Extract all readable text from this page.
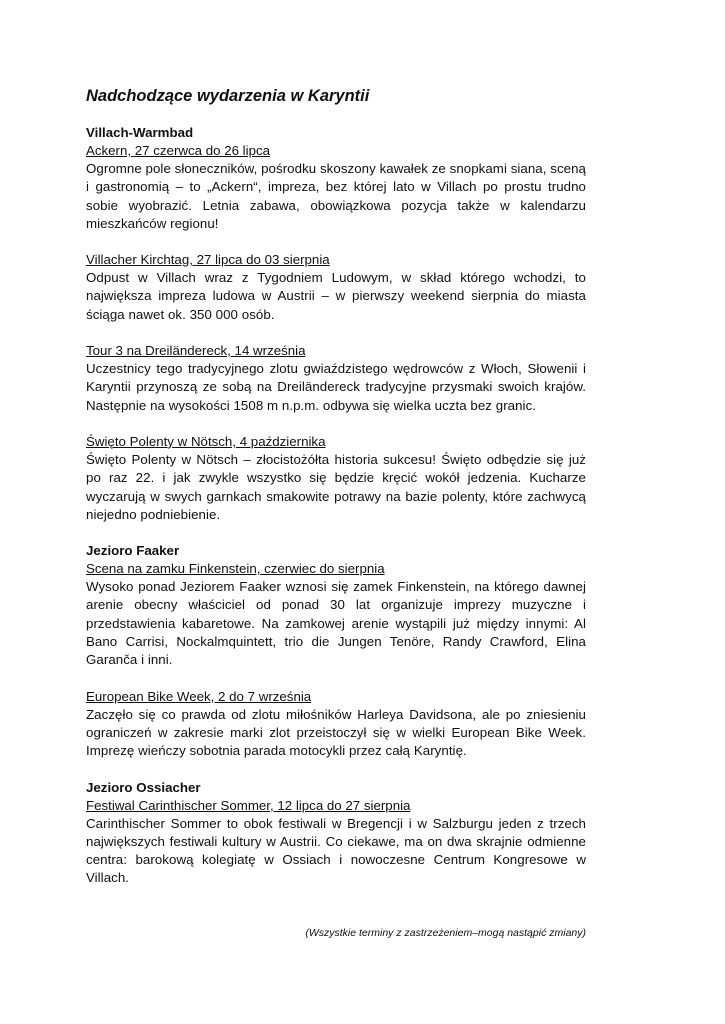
Nadchodzące wydarzenia w Karyntii

Villach-Warmbad

Ackern, 27 czerwca do 26 lipca

Ogromne pole słoneczników, pośrodku skoszony kawałek ze snopkami siana, sceną i gastronomią – to „Ackern“, impreza, bez której lato w Villach po prostu trudno sobie wyobrazić. Letnia zabawa, obowiązkowa pozycja także w kalendarzu mieszkańców regionu!

Villacher Kirchtag, 27 lipca do 03 sierpnia

Odpust w Villach wraz z Tygodniem Ludowym, w skład którego wchodzi, to największa impreza ludowa w Austrii – w pierwszy weekend sierpnia do miasta ściąga nawet ok. 350 000 osób.

Tour 3 na Dreiländereck, 14 września

Uczestnicy tego tradycyjnego zlotu gwiaździstego wędrowców z Włoch, Słowenii i Karyntii przynoszą ze sobą na Dreiländereck tradycyjne przysmaki swoich krajów. Następnie na wysokości 1508 m n.p.m. odbywa się wielka uczta bez granic.

Święto Polenty w Nötsch, 4 października

Święto Polenty w Nötsch – złocistożółta historia sukcesu! Święto odbędzie się już po raz 22. i jak zwykle wszystko się będzie kręcić wokół jedzenia. Kucharze wyczarują w swych garnkach smakowite potrawy na bazie polenty, które zachwycą niejedno podniebienie.

Jezioro Faaker

Scena na zamku Finkenstein, czerwiec do sierpnia

Wysoko ponad Jeziorem Faaker wznosi się zamek Finkenstein, na którego dawnej arenie obecny właściciel od ponad 30 lat organizuje imprezy muzyczne i przedstawienia kabaretowe. Na zamkowej arenie wystąpili już między innymi: Al Bano Carrisi, Nockalmquintett, trio die Jungen Tenöre, Randy Crawford, Elina Garanča i inni.

European Bike Week, 2 do 7 września

Zaczęło się co prawda od zlotu miłośników Harleya Davidsona, ale po zniesieniu ograniczeń w zakresie marki zlot przeistoczył się w wielki European Bike Week. Imprezę wieńczy sobotnia parada motocykli przez całą Karyntię.

Jezioro Ossiacher

Festiwal Carinthischer Sommer, 12 lipca do 27 sierpnia

Carinthischer Sommer to obok festiwali w Bregencji i w Salzburgu jeden z trzech największych festiwali kultury w Austrii. Co ciekawe, ma on dwa skrajnie odmienne centra: barokową kolegiatę w Ossiach i nowoczesne Centrum Kongresowe w Villach.

(Wszystkie terminy z zastrzeżeniem–mogą nastąpić zmiany)
